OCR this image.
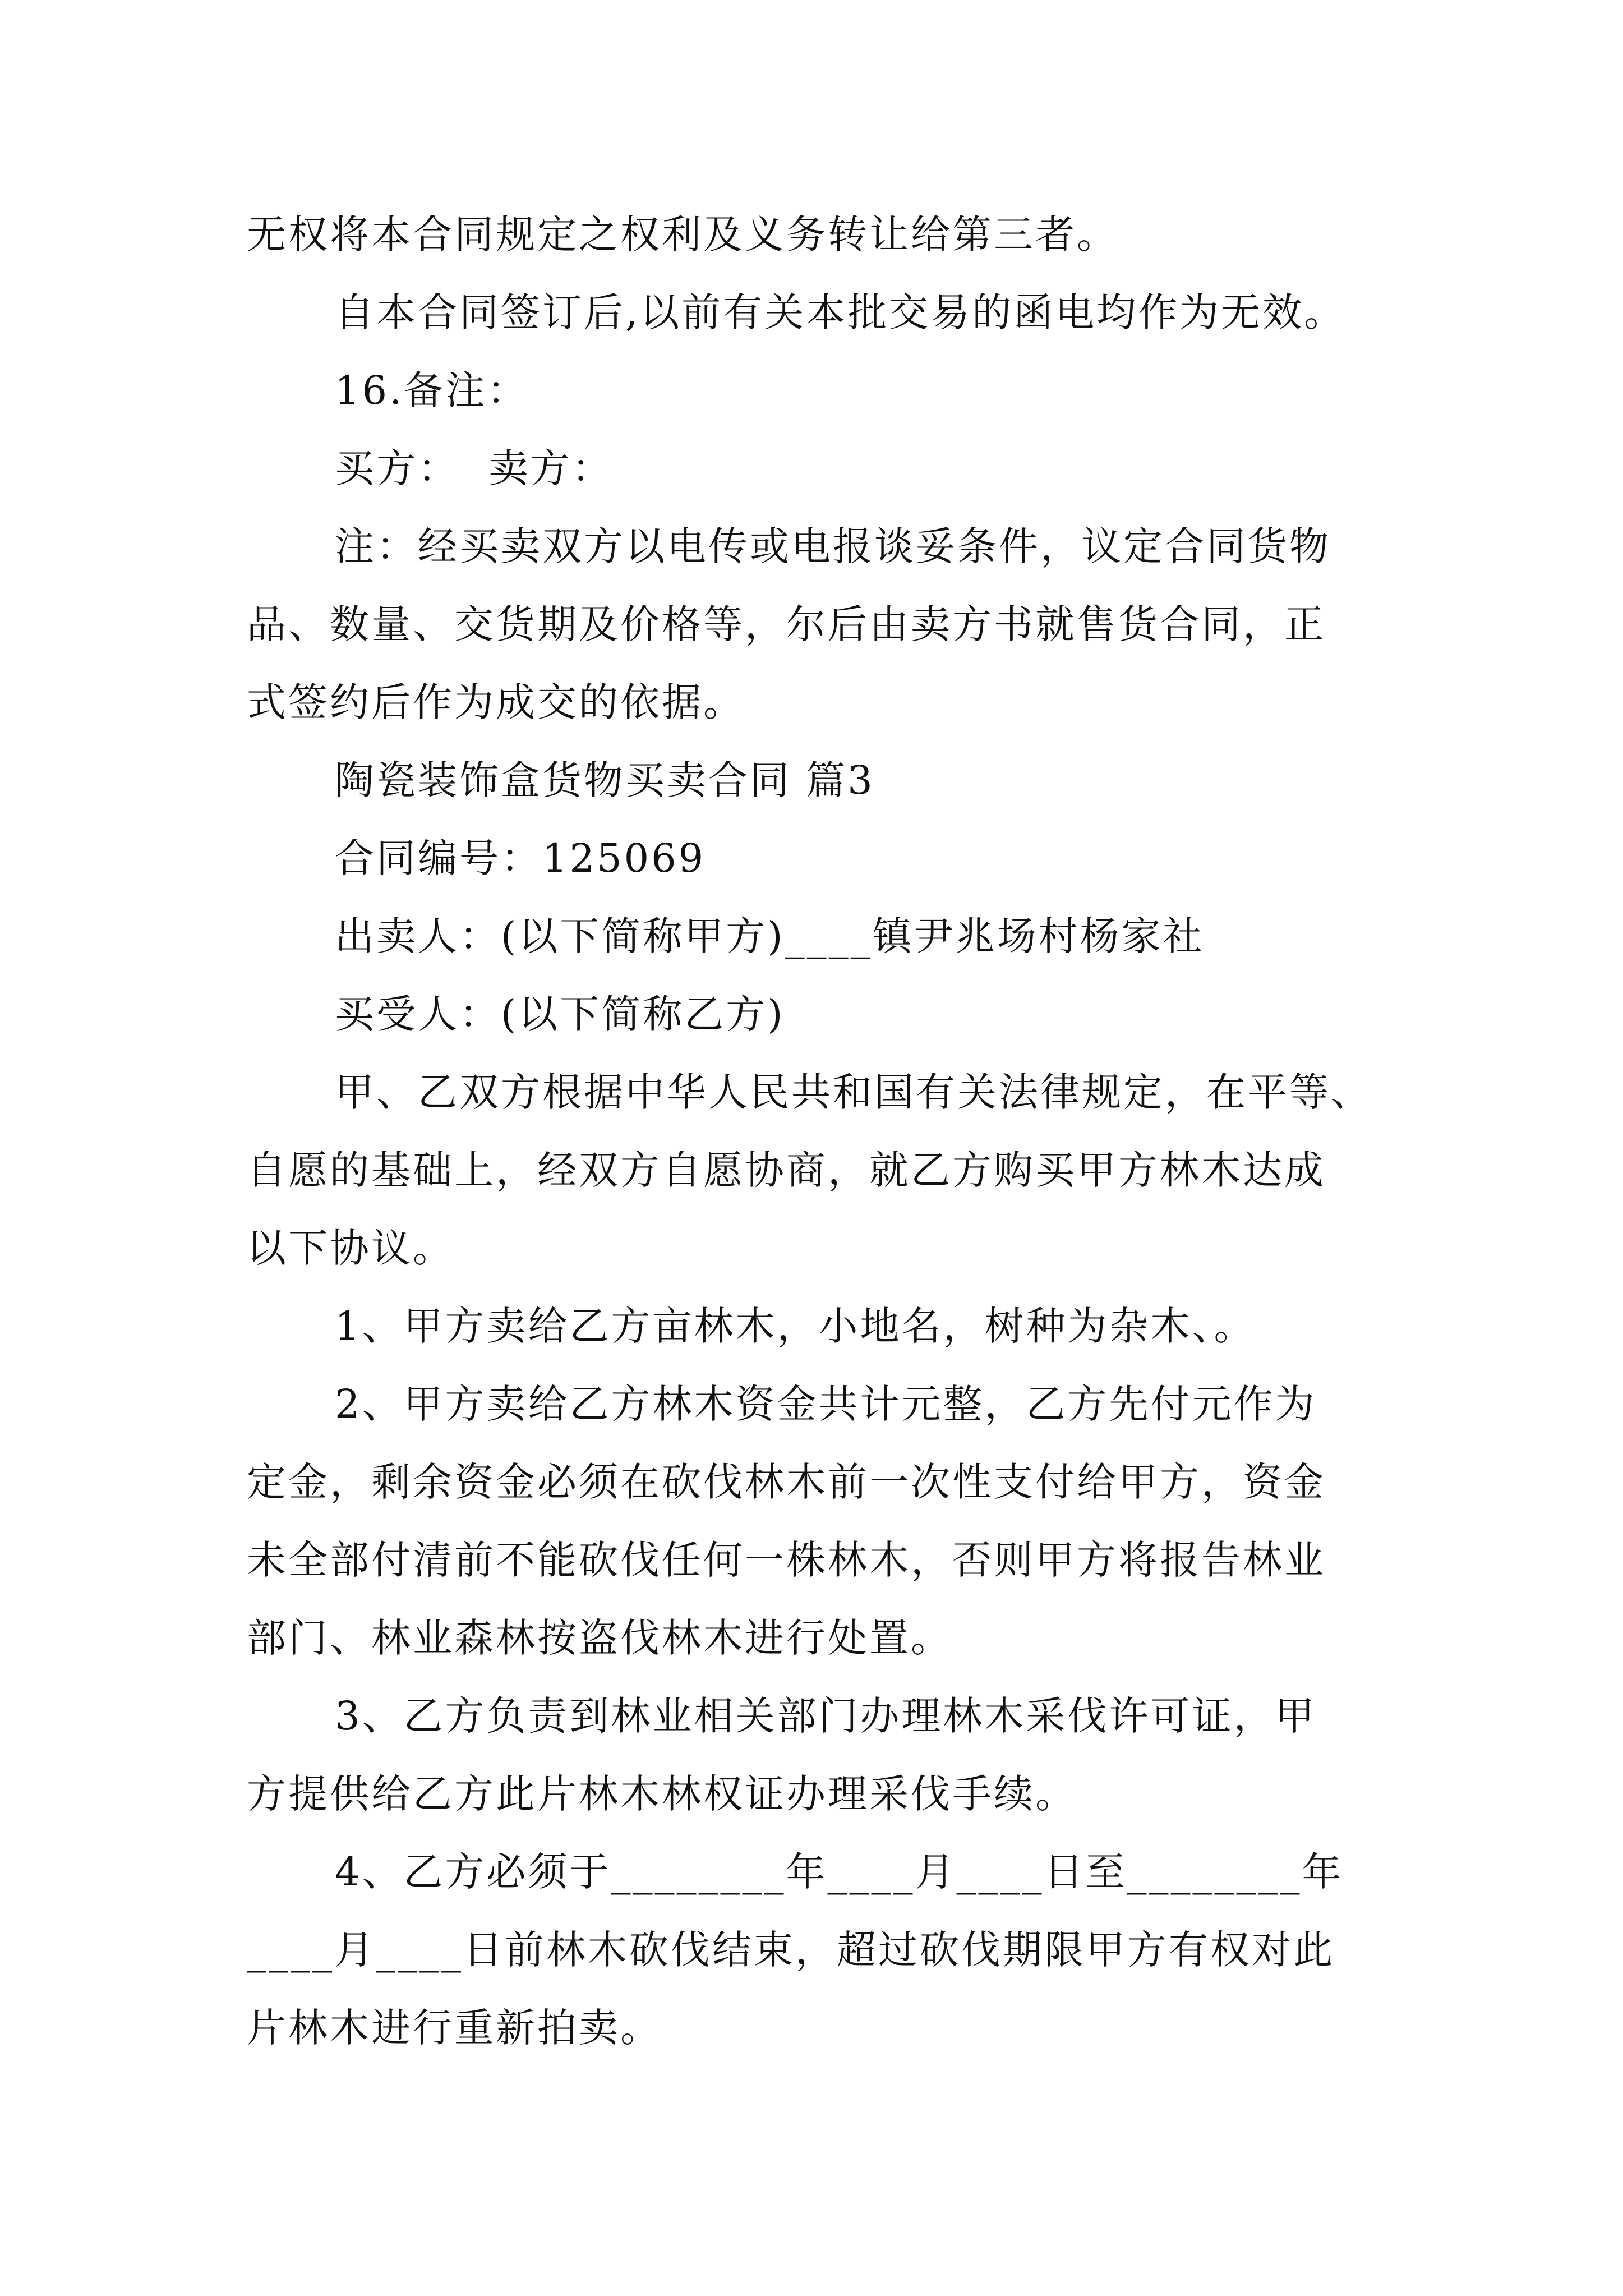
无权将本合同规定之权利及义务转让给第三者。
自本合同签订后,以前有关本批交易的函电均作为无效。
16.备注：
买方：  卖方：
注：经买卖双方以电传或电报谈妥条件，议定合同货物
品、数量、交货期及价格等，尔后由卖方书就售货合同，正
式签约后作为成交的依据。
陶瓷装饰盒货物买卖合同 篇3
合同编号：125069
出卖人：(以下简称甲方)____镇尹兆场村杨家社
买受人：(以下简称乙方)
甲、乙双方根据中华人民共和国有关法律规定，在平等、
自愿的基础上，经双方自愿协商，就乙方购买甲方林木达成
以下协议。
1、甲方卖给乙方亩林木，小地名，树种为杂木、。
2、甲方卖给乙方林木资金共计元整，乙方先付元作为
定金，剩余资金必须在砍伐林木前一次性支付给甲方，资金
未全部付清前不能砍伐任何一株林木，否则甲方将报告林业
部门、林业森林按盗伐林木进行处置。
3、乙方负责到林业相关部门办理林木采伐许可证，甲
方提供给乙方此片林木林权证办理采伐手续。
4、乙方必须于________年____月____日至________年
____月____日前林木砍伐结束，超过砍伐期限甲方有权对此
片林木进行重新拍卖。
